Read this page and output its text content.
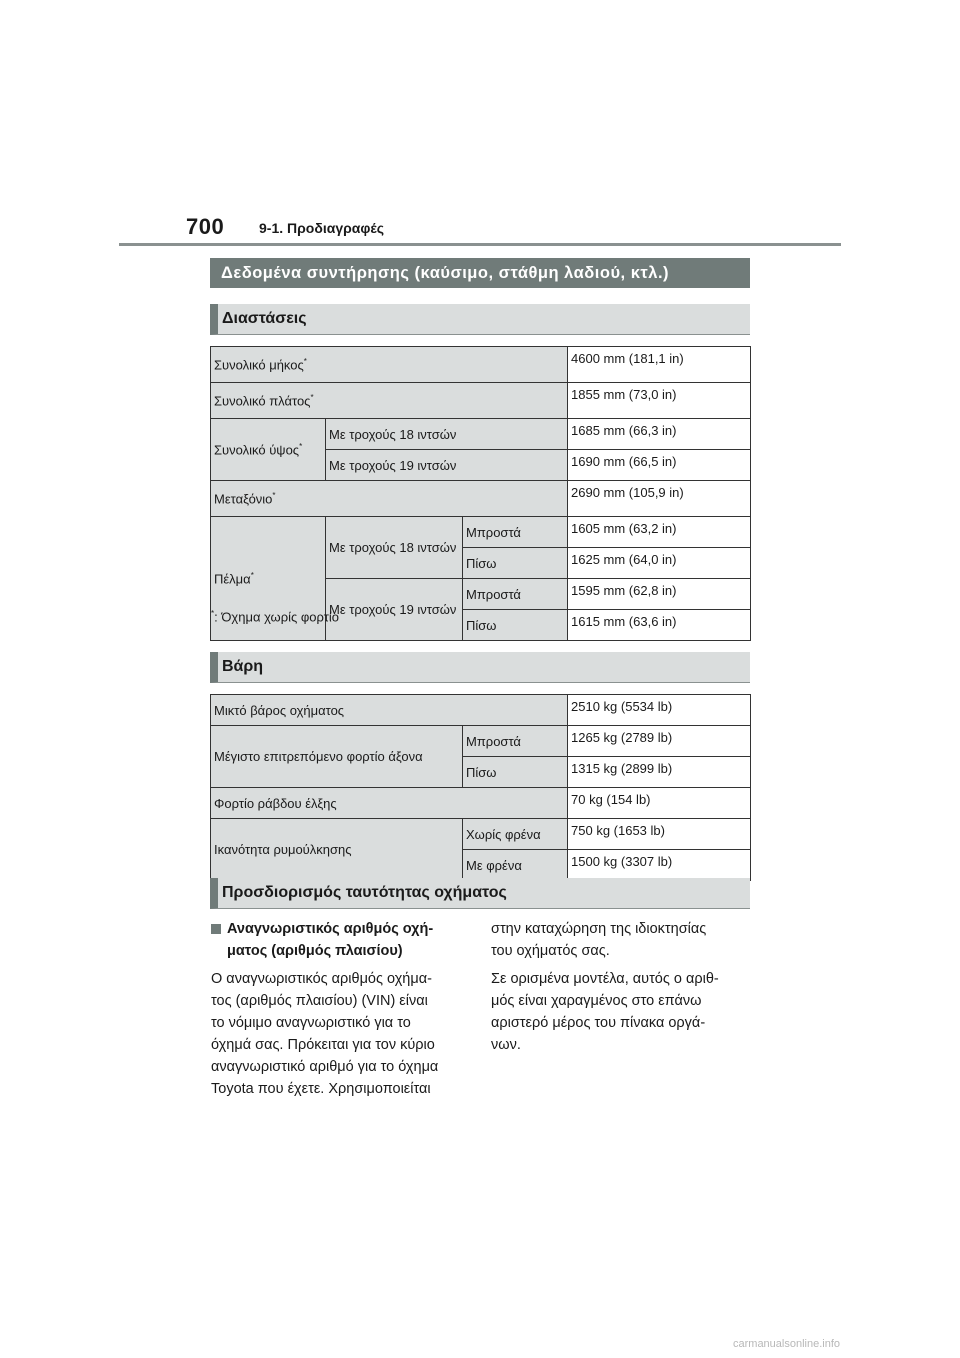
700 9-1. Προδιαγραφές
Δεδομένα συντήρησης (καύσιμο, στάθμη λαδιού, κτλ.)
Διαστάσεις
Συνολικό μήκος*			4600 mm (181,1 in)
Συνολικό πλάτος*			1855 mm (73,0 in)
Συνολικό ύψος*	Με τροχούς 18 ιντσών		1685 mm (66,3 in)
	Με τροχούς 19 ιντσών		1690 mm (66,5 in)
Μεταξόνιο*			2690 mm (105,9 in)
Πέλμα*	Με τροχούς 18 ιντσών	Μπροστά	1605 mm (63,2 in)
		Πίσω	1625 mm (64,0 in)
	Με τροχούς 19 ιντσών	Μπροστά	1595 mm (62,8 in)
		Πίσω	1615 mm (63,6 in)
*: Όχημα χωρίς φορτίο
Βάρη
Μικτό βάρος οχήματος		2510 kg (5534 lb)
Μέγιστο επιτρεπόμενο φορτίο άξονα	Μπροστά	1265 kg (2789 lb)
	Πίσω	1315 kg (2899 lb)
Φορτίο ράβδου έλξης		70 kg (154 lb)
Ικανότητα ρυμούλκησης	Χωρίς φρένα	750 kg (1653 lb)
	Με φρένα	1500 kg (3307 lb)
Προσδιορισμός ταυτότητας οχήματος

Αναγνωριστικός αριθμός οχή-
ματος (αριθμός πλαισίου)

Ο αναγνωριστικός αριθμός οχήμα-
τος (αριθμός πλαισίου) (VIN) είναι
το νόμιμο αναγνωριστικό για το
όχημά σας. Πρόκειται για τον κύριο
αναγνωριστικό αριθμό για το όχημα
Toyota που έχετε. Χρησιμοποιείται

στην καταχώρηση της ιδιοκτησίας
του οχήματός σας.

Σε ορισμένα μοντέλα, αυτός ο αριθ-
μός είναι χαραγμένος στο επάνω
αριστερό μέρος του πίνακα οργά-
νων.

carmanualsonline.info
